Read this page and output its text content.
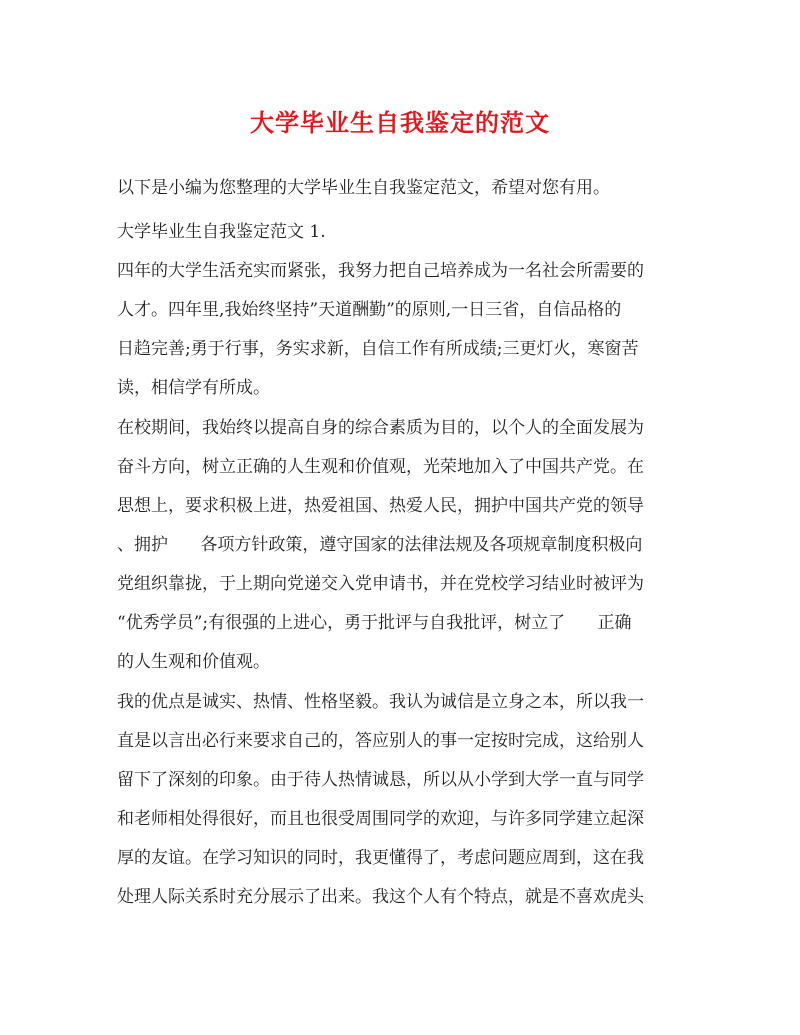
大学毕业生自我鉴定的范文
以下是小编为您整理的大学毕业生自我鉴定范文，希望对您有用。
大学毕业生自我鉴定范文 1.
四年的大学生活充实而紧张，我努力把自己培养成为一名社会所需要的
人才。四年里,我始终坚持”天道酬勤”的原则,一日三省，自信品格的
日趋完善;勇于行事，务实求新，自信工作有所成绩;三更灯火，寒窗苦
读，相信学有所成。
在校期间，我始终以提高自身的综合素质为目的，以个人的全面发展为
奋斗方向，树立正确的人生观和价值观，光荣地加入了中国共产党。在
思想上，要求积极上进，热爱祖国、热爱人民，拥护中国共产党的领导
、拥护      各项方针政策，遵守国家的法律法规及各项规章制度积极向
党组织靠拢，于上期向党递交入党申请书，并在党校学习结业时被评为
“优秀学员”;有很强的上进心，勇于批评与自我批评，树立了      正确
的人生观和价值观。
我的优点是诚实、热情、性格坚毅。我认为诚信是立身之本，所以我一
直是以言出必行来要求自己的，答应别人的事一定按时完成，这给别人
留下了深刻的印象。由于待人热情诚恳，所以从小学到大学一直与同学
和老师相处得很好，而且也很受周围同学的欢迎，与许多同学建立起深
厚的友谊。在学习知识的同时，我更懂得了，考虑问题应周到，这在我
处理人际关系时充分展示了出来。我这个人有个特点，就是不喜欢虎头
